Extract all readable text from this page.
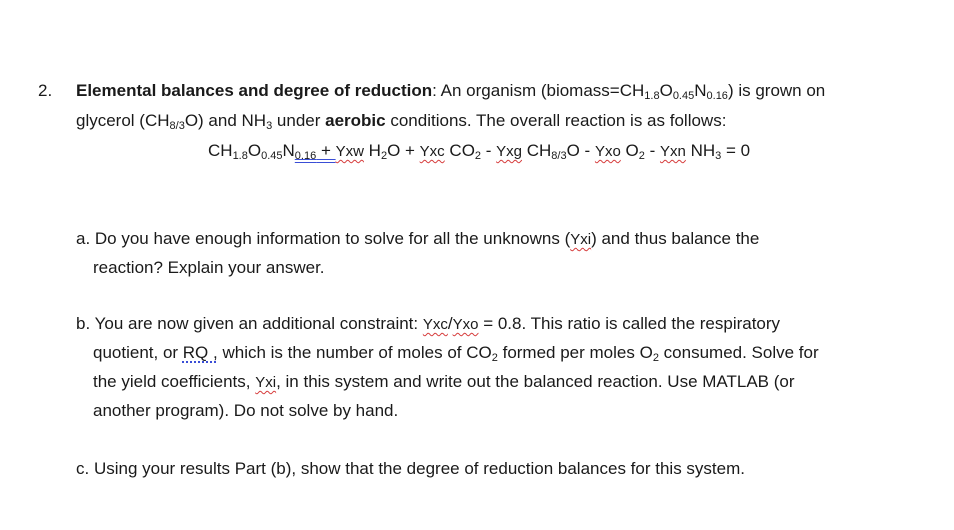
2. Elemental balances and degree of reduction: An organism $(biomass=CH_{1.8}O_{0.45}N_{0.16})$ is grown on
glycerol $(CH_{8/3}O)$ and $NH_3$ under aerobic conditions. The overall reaction is as follows:
$CH_{1.8}O_{0.45}N_{0.16}$ + Yxw $H_2O$ + Yxc $CO_2$ - Yxg $CH_{8/3}O$ - Yxo $O_2$ - Yxn $NH_3 = 0$
a. Do you have enough information to solve for all the unknowns (Yxi) and thus balance the
reaction? Explain your answer.
b. You are now given an additional constraint: Yxc/Yxo = 0.8. This ratio is called the respiratory
quotient, or RQ , which is the number of moles of $CO_2$ formed per moles $O_2$ consumed. Solve for
the yield coefficients, Yxi, in this system and write out the balanced reaction. Use MATLAB (or
another program). Do not solve by hand.
c. Using your results Part (b), show that the degree of reduction balances for this system.
